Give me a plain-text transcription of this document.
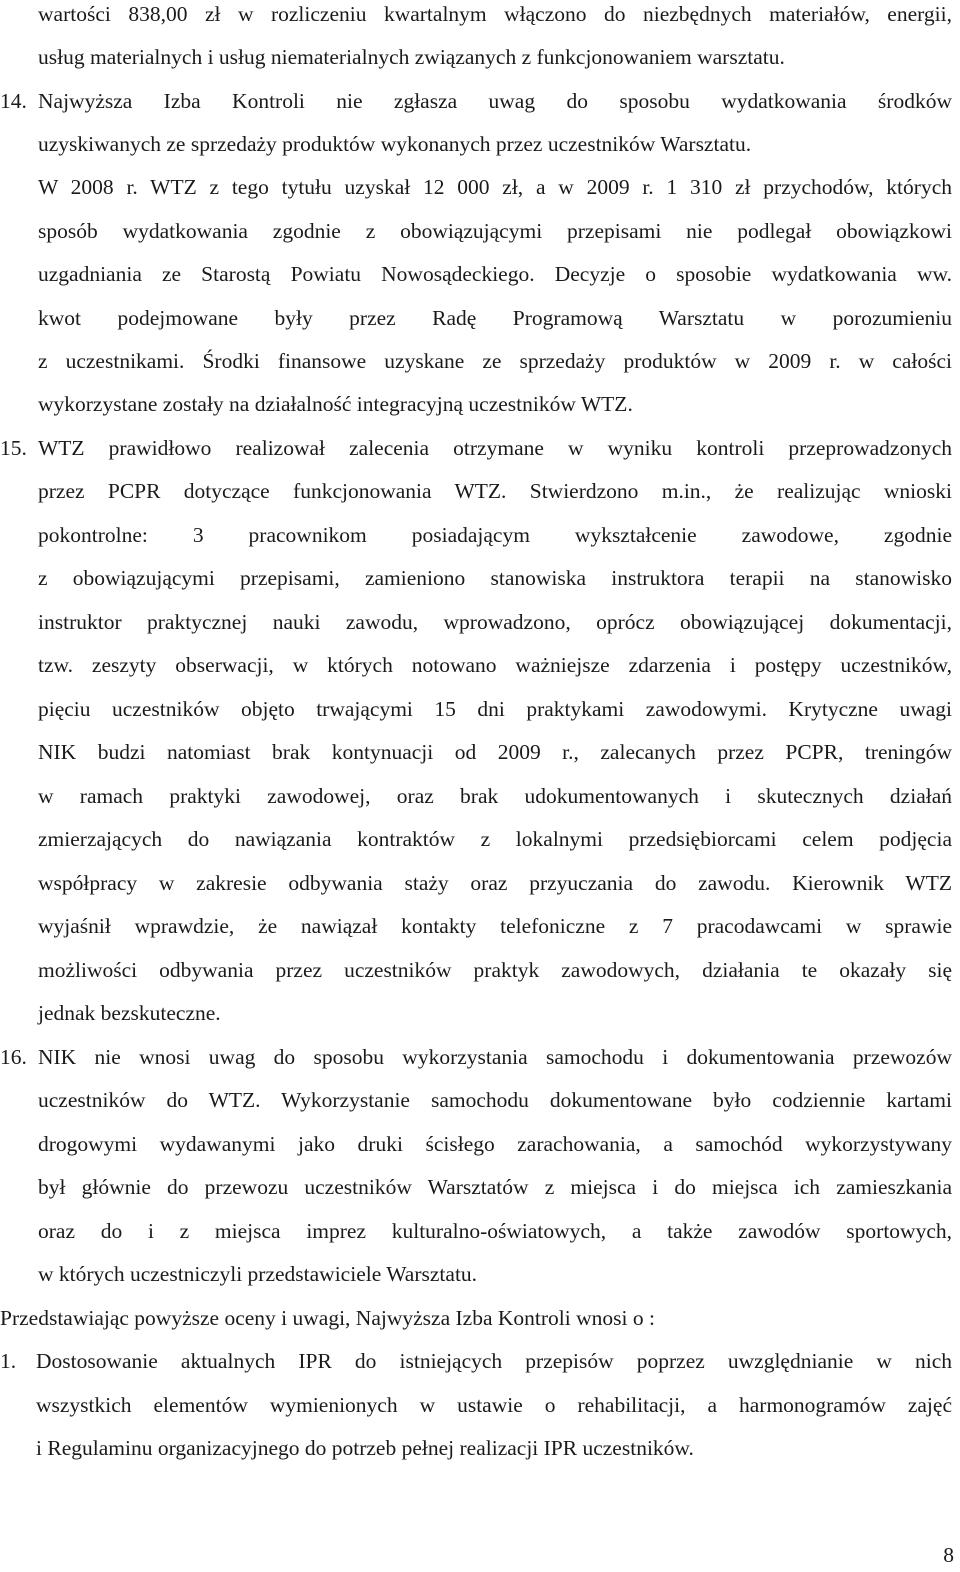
wartości 838,00 zł w rozliczeniu kwartalnym włączono do niezbędnych materiałów, energii,
usług materialnych i usług niematerialnych związanych z funkcjonowaniem warsztatu.
14. Najwyższa Izba Kontroli nie zgłasza uwag do sposobu wydatkowania środków
uzyskiwanych ze sprzedaży produktów wykonanych przez uczestników Warsztatu.
W 2008 r. WTZ z tego tytułu uzyskał 12 000 zł, a w 2009 r. 1 310 zł przychodów, których
sposób wydatkowania zgodnie z obowiązującymi przepisami nie podlegał obowiązkowi
uzgadniania ze Starostą Powiatu Nowosądeckiego. Decyzje o sposobie wydatkowania ww.
kwot podejmowane były przez Radę Programową Warsztatu w porozumieniu
z uczestnikami. Środki finansowe uzyskane ze sprzedaży produktów w 2009 r. w całości
wykorzystane zostały na działalność integracyjną uczestników WTZ.
15. WTZ prawidłowo realizował zalecenia otrzymane w wyniku kontroli przeprowadzonych
przez PCPR dotyczące funkcjonowania WTZ. Stwierdzono m.in., że realizując wnioski
pokontrolne: 3 pracownikom posiadającym wykształcenie zawodowe, zgodnie
z obowiązującymi przepisami, zamieniono stanowiska instruktora terapii na stanowisko
instruktor praktycznej nauki zawodu, wprowadzono, oprócz obowiązującej dokumentacji,
tzw. zeszyty obserwacji, w których notowano ważniejsze zdarzenia i postępy uczestników,
pięciu uczestników objęto trwającymi 15 dni praktykami zawodowymi. Krytyczne uwagi
NIK budzi natomiast brak kontynuacji od 2009 r., zalecanych przez PCPR, treningów
w ramach praktyki zawodowej, oraz brak udokumentowanych i skutecznych działań
zmierzających do nawiązania kontraktów z lokalnymi przedsiębiorcami celem podjęcia
współpracy w zakresie odbywania staży oraz przyuczania do zawodu. Kierownik WTZ
wyjaśnił wprawdzie, że nawiązał kontakty telefoniczne z 7 pracodawcami w sprawie
możliwości odbywania przez uczestników praktyk zawodowych, działania te okazały się
jednak bezskuteczne.
16. NIK nie wnosi uwag do sposobu wykorzystania samochodu i dokumentowania przewozów
uczestników do WTZ. Wykorzystanie samochodu dokumentowane było codziennie kartami
drogowymi wydawanymi jako druki ścisłego zarachowania, a samochód wykorzystywany
był głównie do przewozu uczestników Warsztatów z miejsca i do miejsca ich zamieszkania
oraz do i z miejsca imprez kulturalno-oświatowych, a także zawodów sportowych,
w których uczestniczyli przedstawiciele Warsztatu.
Przedstawiając powyższe oceny i uwagi, Najwyższa Izba Kontroli wnosi o :
1. Dostosowanie aktualnych IPR do istniejących przepisów poprzez uwzględnianie w nich
wszystkich elementów wymienionych w ustawie o rehabilitacji, a harmonogramów zajęć
i Regulaminu organizacyjnego do potrzeb pełnej realizacji IPR uczestników.
8
